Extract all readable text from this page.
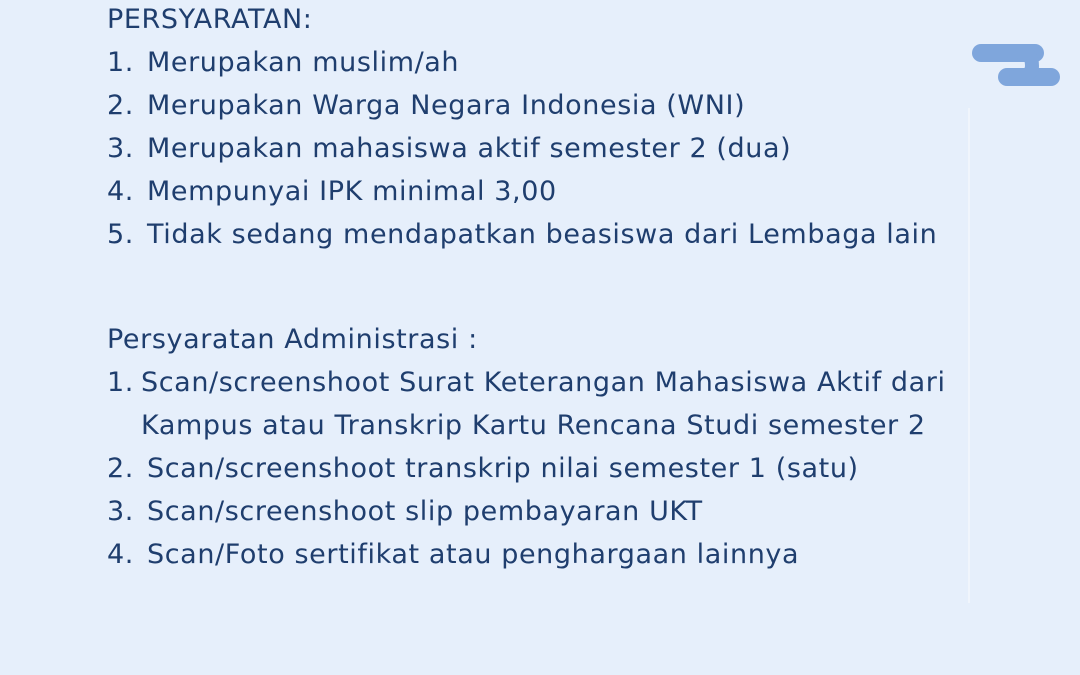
PERSYARATAN:
1. Merupakan muslim/ah
2. Merupakan Warga Negara Indonesia (WNI)
3. Merupakan mahasiswa aktif semester 2 (dua)
4. Mempunyai IPK minimal 3,00
5. Tidak sedang mendapatkan beasiswa dari Lembaga lain
Persyaratan Administrasi :
1. Scan/screenshoot Surat Keterangan Mahasiswa Aktif dari Kampus atau Transkrip Kartu Rencana Studi semester 2
2. Scan/screenshoot transkrip nilai semester 1 (satu)
3. Scan/screenshoot slip pembayaran UKT
4. Scan/Foto sertifikat atau penghargaan lainnya
